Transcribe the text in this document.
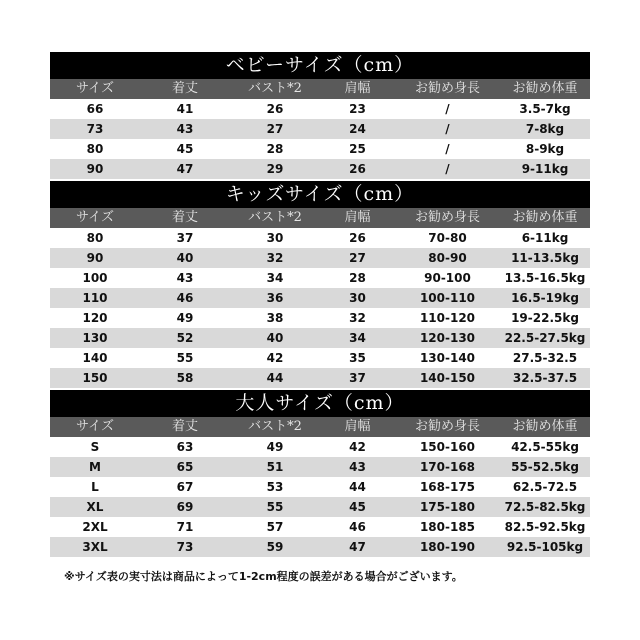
ベビーサイズ（cm）
サイズ	着丈	バスト*2	肩幅	お勧め身長	お勧め体重
66	41	26	23	/	3.5-7kg
73	43	27	24	/	7-8kg
80	45	28	25	/	8-9kg
90	47	29	26	/	9-11kg
キッズサイズ（cm）
サイズ	着丈	バスト*2	肩幅	お勧め身長	お勧め体重
80	37	30	26	70-80	6-11kg
90	40	32	27	80-90	11-13.5kg
100	43	34	28	90-100	13.5-16.5kg
110	46	36	30	100-110	16.5-19kg
120	49	38	32	110-120	19-22.5kg
130	52	40	34	120-130	22.5-27.5kg
140	55	42	35	130-140	27.5-32.5
150	58	44	37	140-150	32.5-37.5
大人サイズ（cm）
サイズ	着丈	バスト*2	肩幅	お勧め身長	お勧め体重
S	63	49	42	150-160	42.5-55kg
M	65	51	43	170-168	55-52.5kg
L	67	53	44	168-175	62.5-72.5
XL	69	55	45	175-180	72.5-82.5kg
2XL	71	57	46	180-185	82.5-92.5kg
3XL	73	59	47	180-190	92.5-105kg
※サイズ表の実寸法は商品によって1-2cm程度の誤差がある場合がございます。
